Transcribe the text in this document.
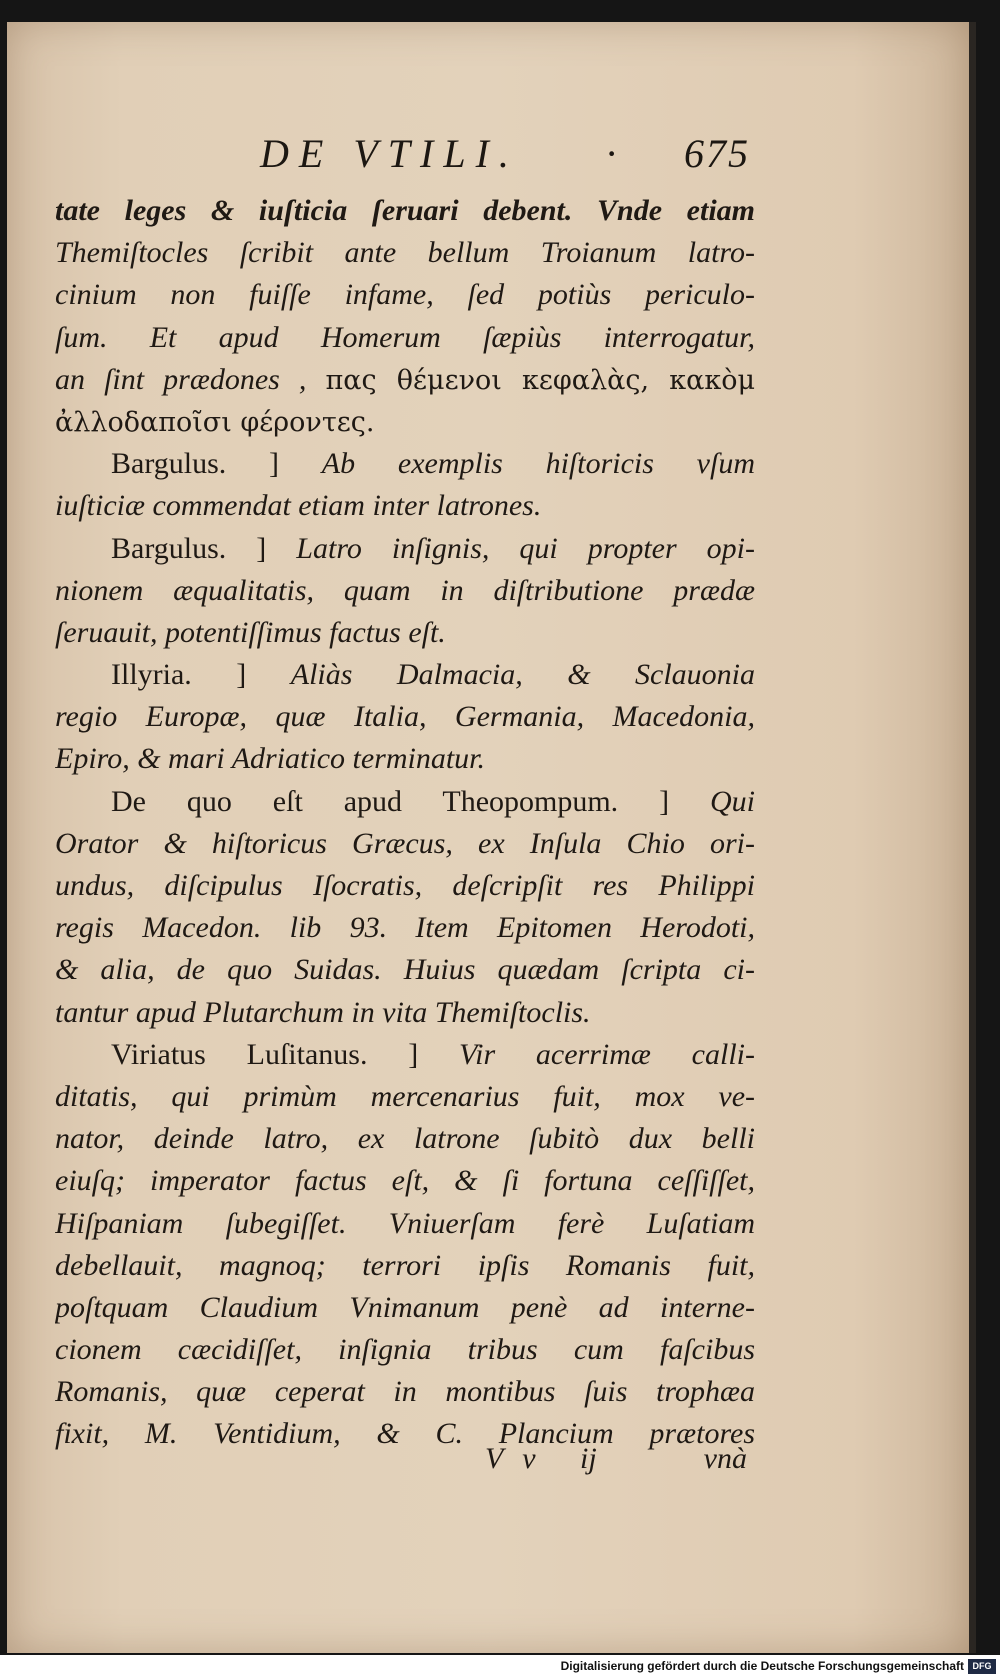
DE VTILI. · 675
tate leges & iuſticia ſeruari debent. Vnde etiam
Themiſtocles ſcribit ante bellum Troianum latro-
cinium non fuiſſe infame, ſed potiùs periculo-
ſum. Et apud Homerum ſæpiùs interrogatur,
an ſint prædones , πας θέμενοι κεφαλὰς, κακὸμ
ἀλλοδαποῖσι φέροντες.
Bargulus. ] Ab exemplis hiſtoricis vſum
iuſticiæ commendat etiam inter latrones.
Bargulus. ] Latro inſignis, qui propter opi-
nionem æqualitatis, quam in diſtributione prædæ
ſeruauit, potentiſſimus factus eſt.
Illyria. ] Aliàs Dalmacia, & Sclauonia
regio Europæ, quæ Italia, Germania, Macedonia,
Epiro, & mari Adriatico terminatur.
De quo eſt apud Theopompum. ] Qui
Orator & hiſtoricus Græcus, ex Inſula Chio ori-
undus, diſcipulus Iſocratis, deſcripſit res Philippi
regis Macedon. lib 93. Item Epitomen Herodoti,
& alia, de quo Suidas. Huius quædam ſcripta ci-
tantur apud Plutarchum in vita Themiſtoclis.
Viriatus Luſitanus. ] Vir acerrimæ calli-
ditatis, qui primùm mercenarius fuit, mox ve-
nator, deinde latro, ex latrone ſubitò dux belli
eiuſq; imperator factus eſt, & ſi fortuna ceſſiſſet,
Hiſpaniam ſubegiſſet. Vniuerſam ferè Luſatiam
debellauit, magnoq; terrori ipſis Romanis fuit,
poſtquam Claudium Vnimanum penè ad interne-
cionem cæcidiſſet, inſignia tribus cum faſcibus
Romanis, quæ ceperat in montibus ſuis trophæa
fixit, M. Ventidium, & C. Plancium prætores
V v ij	vnà
Digitalisierung gefördert durch die Deutsche Forschungsgemeinschaft DFG
